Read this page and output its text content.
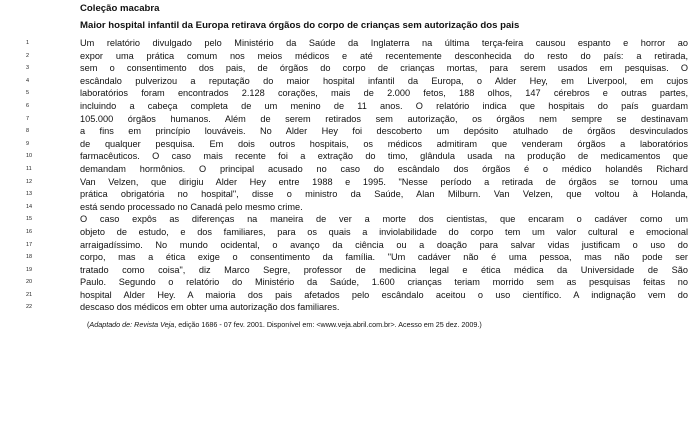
Coleção macabra
Maior hospital infantil da Europa retirava órgãos do corpo de crianças sem autorização dos pais
1	Um relatório divulgado pelo Ministério da Saúde da Inglaterra na última terça-feira causou espanto e horror ao
2	expor uma prática comum nos meios médicos e até recentemente desconhecida do resto do país: a retirada,
3	sem o consentimento dos pais, de órgãos do corpo de crianças mortas, para serem usados em pesquisas. O
4	escândalo pulverizou a reputação do maior hospital infantil da Europa, o Alder Hey, em Liverpool, em cujos
5	laboratórios foram encontrados 2.128 corações, mais de 2.000 fetos, 188 olhos, 147 cérebros e outras partes,
6	incluindo a cabeça completa de um menino de 11 anos. O relatório indica que hospitais do país guardam
7	105.000 órgãos humanos. Além de serem retirados sem autorização, os órgãos nem sempre se destinavam
8	a fins em princípio louváveis. No Alder Hey foi descoberto um depósito atulhado de órgãos desvinculados
9	de qualquer pesquisa. Em dois outros hospitais, os médicos admitiram que venderam órgãos a laboratórios
10	farmacêuticos. O caso mais recente foi a extração do timo, glândula usada na produção de medicamentos que
11	demandam hormônios. O principal acusado no caso do escândalo dos órgãos é o médico holandês Richard
12	Van Velzen, que dirigiu Alder Hey entre 1988 e 1995. "Nesse período a retirada de órgãos se tornou uma
13	prática obrigatória no hospital", disse o ministro da Saúde, Alan Milburn. Van Velzen, que voltou à Holanda,
14	está sendo processado no Canadá pelo mesmo crime.
15	O caso expôs as diferenças na maneira de ver a morte dos cientistas, que encaram o cadáver como um
16	objeto de estudo, e dos familiares, para os quais a inviolabilidade do corpo tem um valor cultural e emocional
17	arraigadíssimo. No mundo ocidental, o avanço da ciência ou a doação para salvar vidas justificam o uso do
18	corpo, mas a ética exige o consentimento da família. "Um cadáver não é uma pessoa, mas não pode ser
19	tratado como coisa", diz Marco Segre, professor de medicina legal e ética médica da Universidade de São
20	Paulo. Segundo o relatório do Ministério da Saúde, 1.600 crianças teriam morrido sem as pesquisas feitas no
21	hospital Alder Hey. A maioria dos pais afetados pelo escândalo aceitou o uso científico. A indignação vem do
22	descaso dos médicos em obter uma autorização dos familiares.
(Adaptado de: Revista Veja, edição 1686 - 07 fev. 2001. Disponível em: <www.veja.abril.com.br>. Acesso em 25 dez. 2009.)
